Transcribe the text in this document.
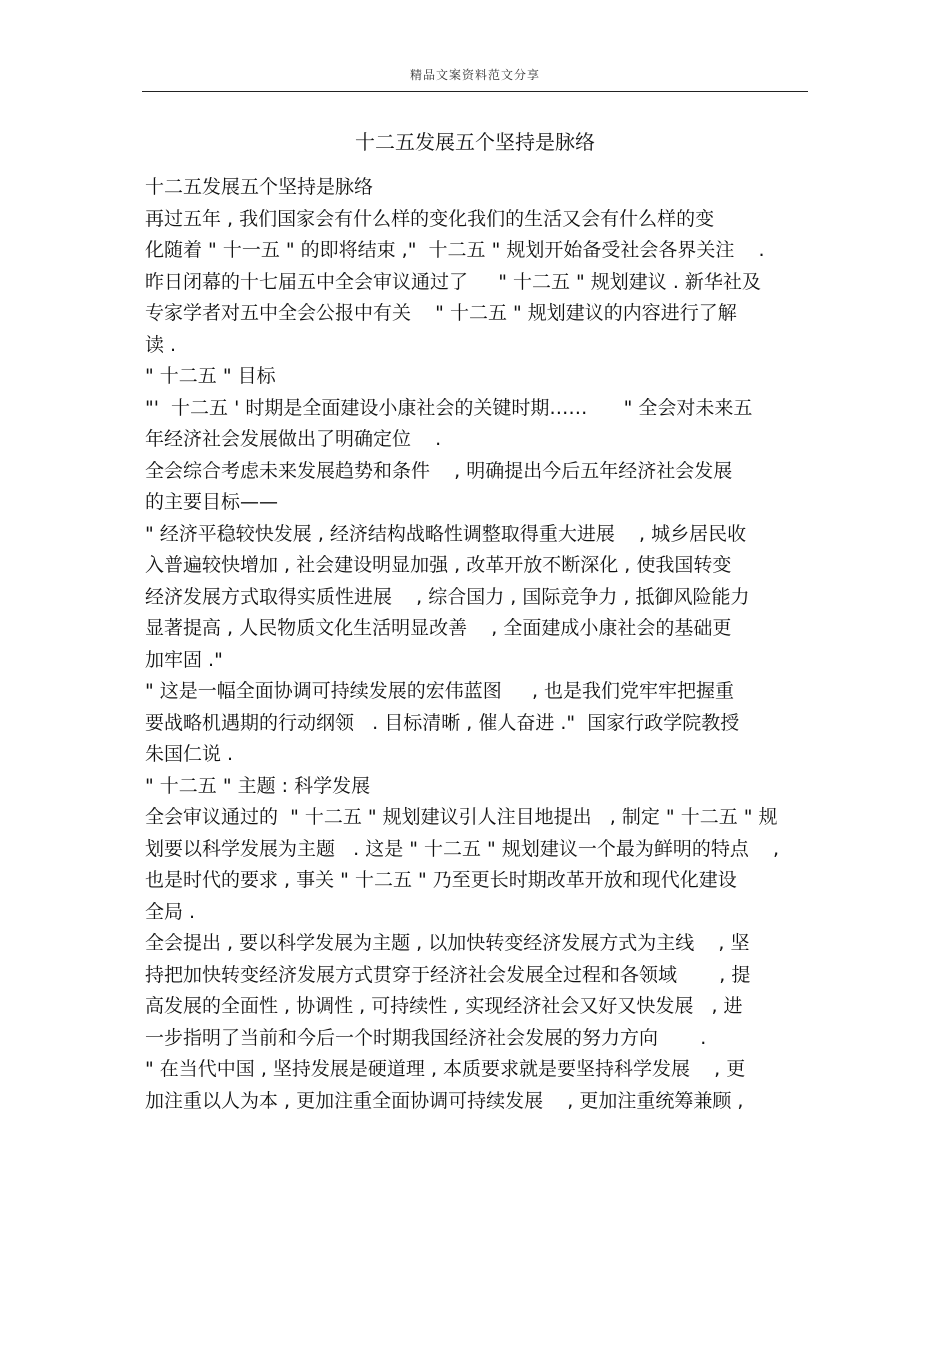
精品文案资料范文分享
十二五发展五个坚持是脉络
十二五发展五个坚持是脉络
再过五年 , 我们国家会有什么样的变化我们的生活又会有什么样的变
化随着 " 十一五 " 的即将结束 ,"  十二五 " 规划开始备受社会各界关注    .
昨日闭幕的十七届五中全会审议通过了     " 十二五 " 规划建议 . 新华社及
专家学者对五中全会公报中有关    " 十二五 " 规划建议的内容进行了解
读 .
" 十二五 " 目标
"'  十二五 ' 时期是全面建设小康社会的关键时期……      " 全会对未来五
年经济社会发展做出了明确定位    .
全会综合考虑未来发展趋势和条件    , 明确提出今后五年经济社会发展
的主要目标——
" 经济平稳较快发展 , 经济结构战略性调整取得重大进展    , 城乡居民收
入普遍较快增加 , 社会建设明显加强 , 改革开放不断深化 , 使我国转变
经济发展方式取得实质性进展    , 综合国力 , 国际竞争力 , 抵御风险能力
显著提高 , 人民物质文化生活明显改善    , 全面建成小康社会的基础更
加牢固 ."
" 这是一幅全面协调可持续发展的宏伟蓝图     , 也是我们党牢牢把握重
要战略机遇期的行动纲领   . 目标清晰 , 催人奋进 ."  国家行政学院教授
朱国仁说 .
" 十二五 " 主题 : 科学发展
全会审议通过的  " 十二五 " 规划建议引人注目地提出   , 制定 " 十二五 " 规
划要以科学发展为主题   . 这是 " 十二五 " 规划建议一个最为鲜明的特点    ,
也是时代的要求 , 事关 " 十二五 " 乃至更长时期改革开放和现代化建设
全局 .
全会提出 , 要以科学发展为主题 , 以加快转变经济发展方式为主线    , 坚
持把加快转变经济发展方式贯穿于经济社会发展全过程和各领域       , 提
高发展的全面性 , 协调性 , 可持续性 , 实现经济社会又好又快发展   , 进
一步指明了当前和今后一个时期我国经济社会发展的努力方向       .
" 在当代中国 , 坚持发展是硬道理 , 本质要求就是要坚持科学发展    , 更
加注重以人为本 , 更加注重全面协调可持续发展    , 更加注重统筹兼顾 ,
